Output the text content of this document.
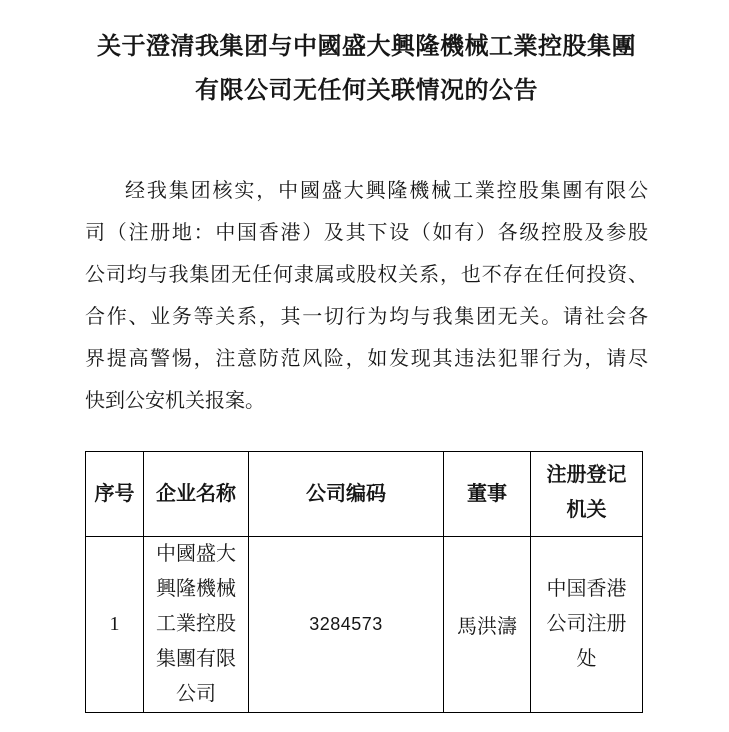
关于澄清我集团与中國盛大興隆機械工業控股集團
有限公司无任何关联情况的公告
经我集团核实，中國盛大興隆機械工業控股集團有限公
司（注册地：中国香港）及其下设（如有）各级控股及参股
公司均与我集团无任何隶属或股权关系，也不存在任何投资、
合作、业务等关系，其一切行为均与我集团无关。请社会各
界提高警惕，注意防范风险，如发现其违法犯罪行为，请尽
快到公安机关报案。
序号	企业名称	公司编码	董事	注册登记机关
1	中國盛大興隆機械工業控股集團有限公司	3284573	馬洪濤	中国香港公司注册处
